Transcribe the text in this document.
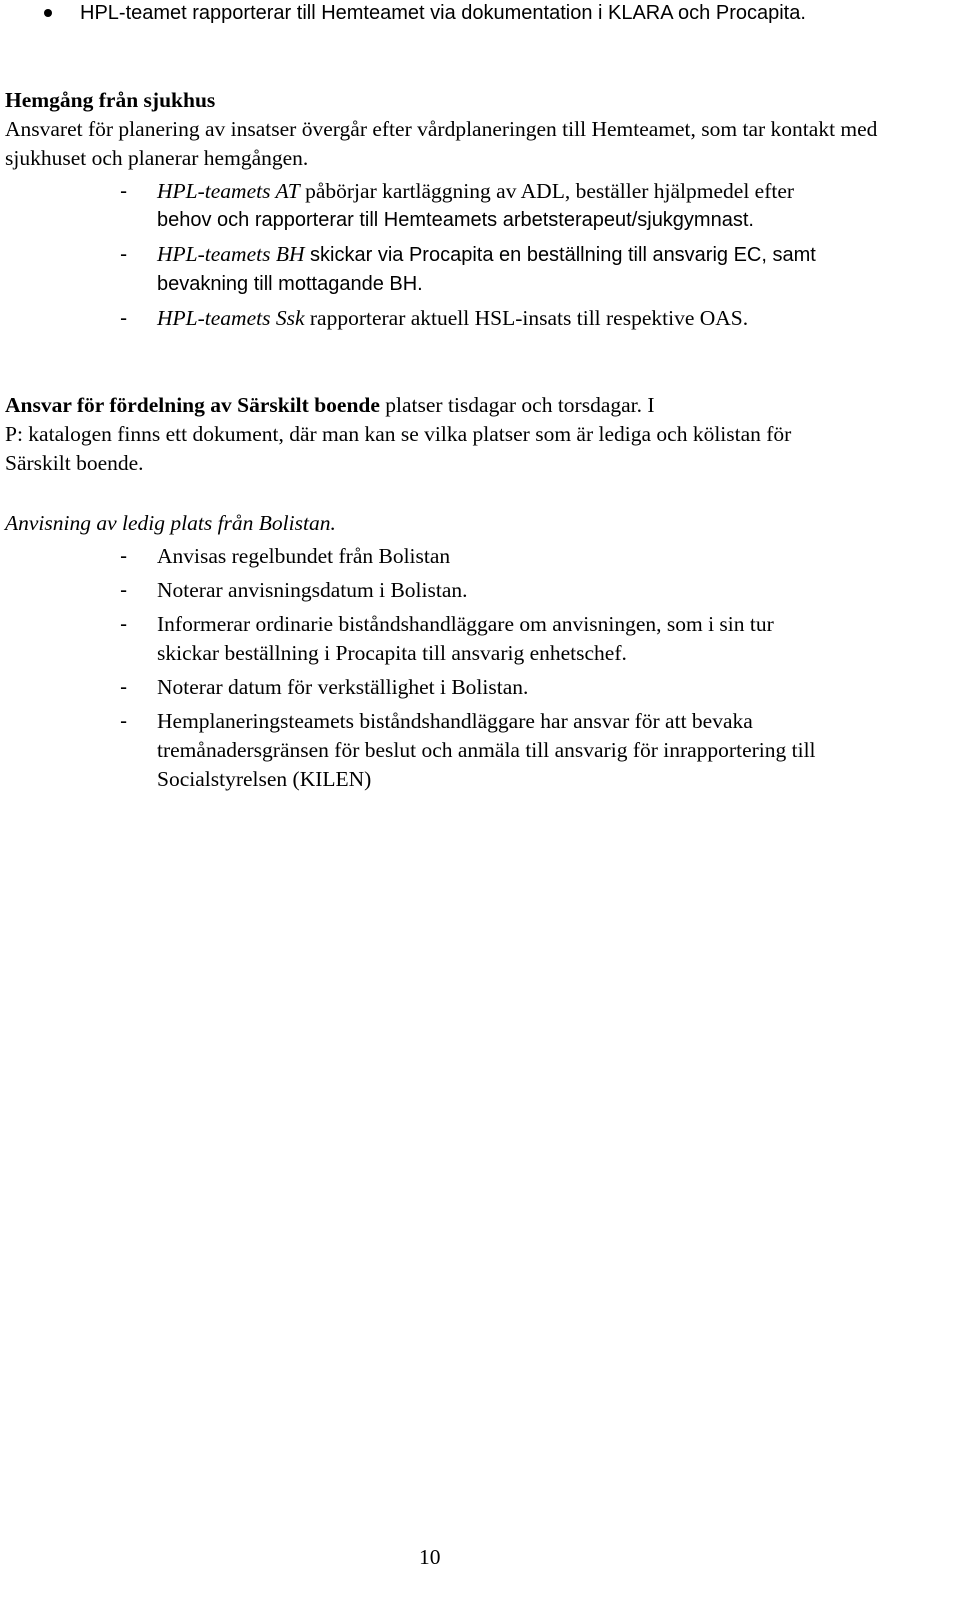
HPL-teamet rapporterar till Hemteamet via dokumentation i KLARA och Procapita.
Hemgång från sjukhus
Ansvaret för planering av insatser övergår efter vårdplaneringen till Hemteamet, som tar kontakt med sjukhuset och planerar hemgången.
- HPL-teamets AT påbörjar kartläggning av ADL, beställer hjälpmedel efter
behov och rapporterar till Hemteamets arbetsterapeut/sjukgymnast.
- HPL-teamets BH skickar via Procapita en beställning till ansvarig EC, samt
bevakning till mottagande BH.
- HPL-teamets Ssk rapporterar aktuell HSL-insats till respektive OAS.
Ansvar för fördelning av Särskilt boende platser tisdagar och torsdagar. I
P: katalogen finns ett dokument, där man kan se vilka platser som är lediga och kölistan för
Särskilt boende.
Anvisning av ledig plats från Bolistan.
- Anvisas regelbundet från Bolistan
- Noterar anvisningsdatum i Bolistan.
- Informerar ordinarie biståndshandläggare om anvisningen, som i sin tur
skickar beställning i Procapita till ansvarig enhetschef.
- Noterar datum för verkställighet i Bolistan.
- Hemplaneringsteamets biståndshandläggare har ansvar för att bevaka
tremånadersgränsen för beslut och anmäla till ansvarig för inrapportering till
Socialstyrelsen (KILEN)
10
